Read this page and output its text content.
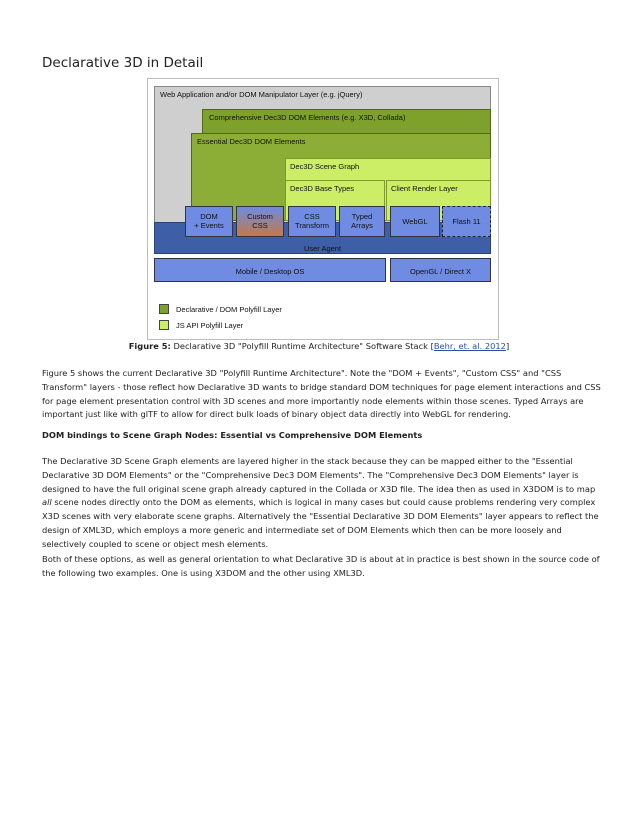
Declarative 3D in Detail
Web Application and/or DOM Manipulator Layer (e.g. jQuery)
Comprehensive Dec3D DOM Elements (e.g. X3D, Collada)
Essential Dec3D DOM Elements
Dec3D Scene Graph
Dec3D Base Types	Client Render Layer
User Agent
DOM
+ Events
Custom
CSS
CSS
Transform
Typed
Arrays	WebGL	Flash 11
Mobile / Desktop OS	OpenGL / Direct X
Declarative / DOM Polyfill Layer
JS API Polyfill Layer
Figure 5: Declarative 3D "Polyfill Runtime Architecture" Software Stack [Behr, et. al. 2012]

Figure 5 shows the current Declarative 3D "Polyfill Runtime Architecture". Note the "DOM + Events", "Custom CSS" and "CSS Transform" layers - those reflect how Declarative 3D wants to bridge standard DOM techniques for page element interactions and CSS for page element presentation control with 3D scenes and more importantly node elements within those scenes. Typed Arrays are important just like with glTF to allow for direct bulk loads of binary object data directly into WebGL for rendering.

DOM bindings to Scene Graph Nodes: Essential vs Comprehensive DOM Elements

The Declarative 3D Scene Graph elements are layered higher in the stack because they can be mapped either to the "Essential Declarative 3D DOM Elements" or the "Comprehensive Dec3 DOM Elements". The "Comprehensive Dec3 DOM Elements" layer is designed to have the full original scene graph already captured in the Collada or X3D file. The idea then as used in X3DOM is to map all scene nodes directly onto the DOM as elements, which is logical in many cases but could cause problems rendering very complex X3D scenes with very elaborate scene graphs. Alternatively the "Essential Declarative 3D DOM Elements" layer appears to reflect the design of XML3D, which employs a more generic and intermediate set of DOM Elements which then can be more loosely and selectively coupled to scene or object mesh elements.

Both of these options, as well as general orientation to what Declarative 3D is about at in practice is best shown in the source code of the following two examples. One is using X3DOM and the other using XML3D.
